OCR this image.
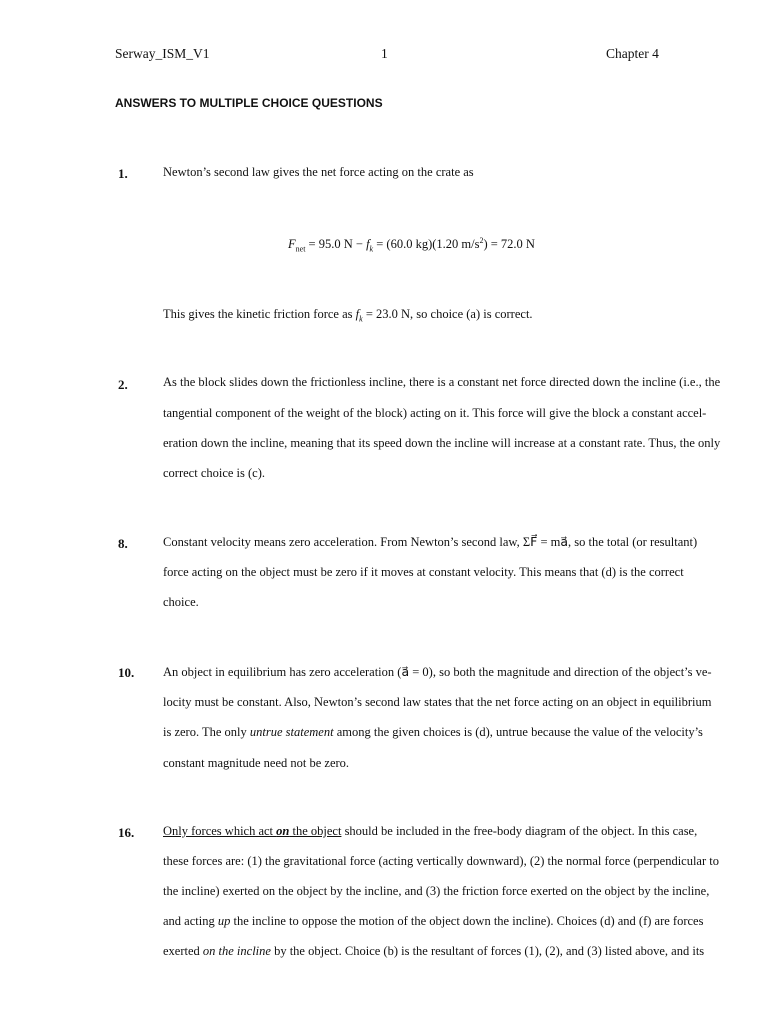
Serway_ISM_V1	1	Chapter 4
ANSWERS TO MULTIPLE CHOICE QUESTIONS
1.	Newton’s second law gives the net force acting on the crate as
$F_{net} = 95.0$ $N - f_k = (60.0$ kg)(1.20 $m/s^2) = 72.0$ N
This gives the kinetic friction force as $f_k = 23.0$ N, so choice (a) is correct.
2.	As the block slides down the frictionless incline, there is a constant net force directed down the incline (i.e., the
tangential component of the weight of the block) acting on it. This force will give the block a constant accel-
eration down the incline, meaning that its speed down the incline will increase at a constant rate. Thus, the only
correct choice is (c).
8.	Constant velocity means zero acceleration. From Newton’s second law, ΣF⃗ = ma⃗, so the total (or resultant)
force acting on the object must be zero if it moves at constant velocity. This means that (d) is the correct
choice.
10. An object in equilibrium has zero acceleration (a⃗ = 0), so both the magnitude and direction of the object’s ve-
locity must be constant. Also, Newton’s second law states that the net force acting on an object in equilibrium
is zero. The only untrue statement among the given choices is (d), untrue because the value of the velocity’s
constant magnitude need not be zero.
16. Only forces which act on the object should be included in the free-body diagram of the object. In this case,
these forces are: (1) the gravitational force (acting vertically downward), (2) the normal force (perpendicular to
the incline) exerted on the object by the incline, and (3) the friction force exerted on the object by the incline,
and acting up the incline to oppose the motion of the object down the incline). Choices (d) and (f) are forces
exerted on the incline by the object. Choice (b) is the resultant of forces (1), (2), and (3) listed above, and its
